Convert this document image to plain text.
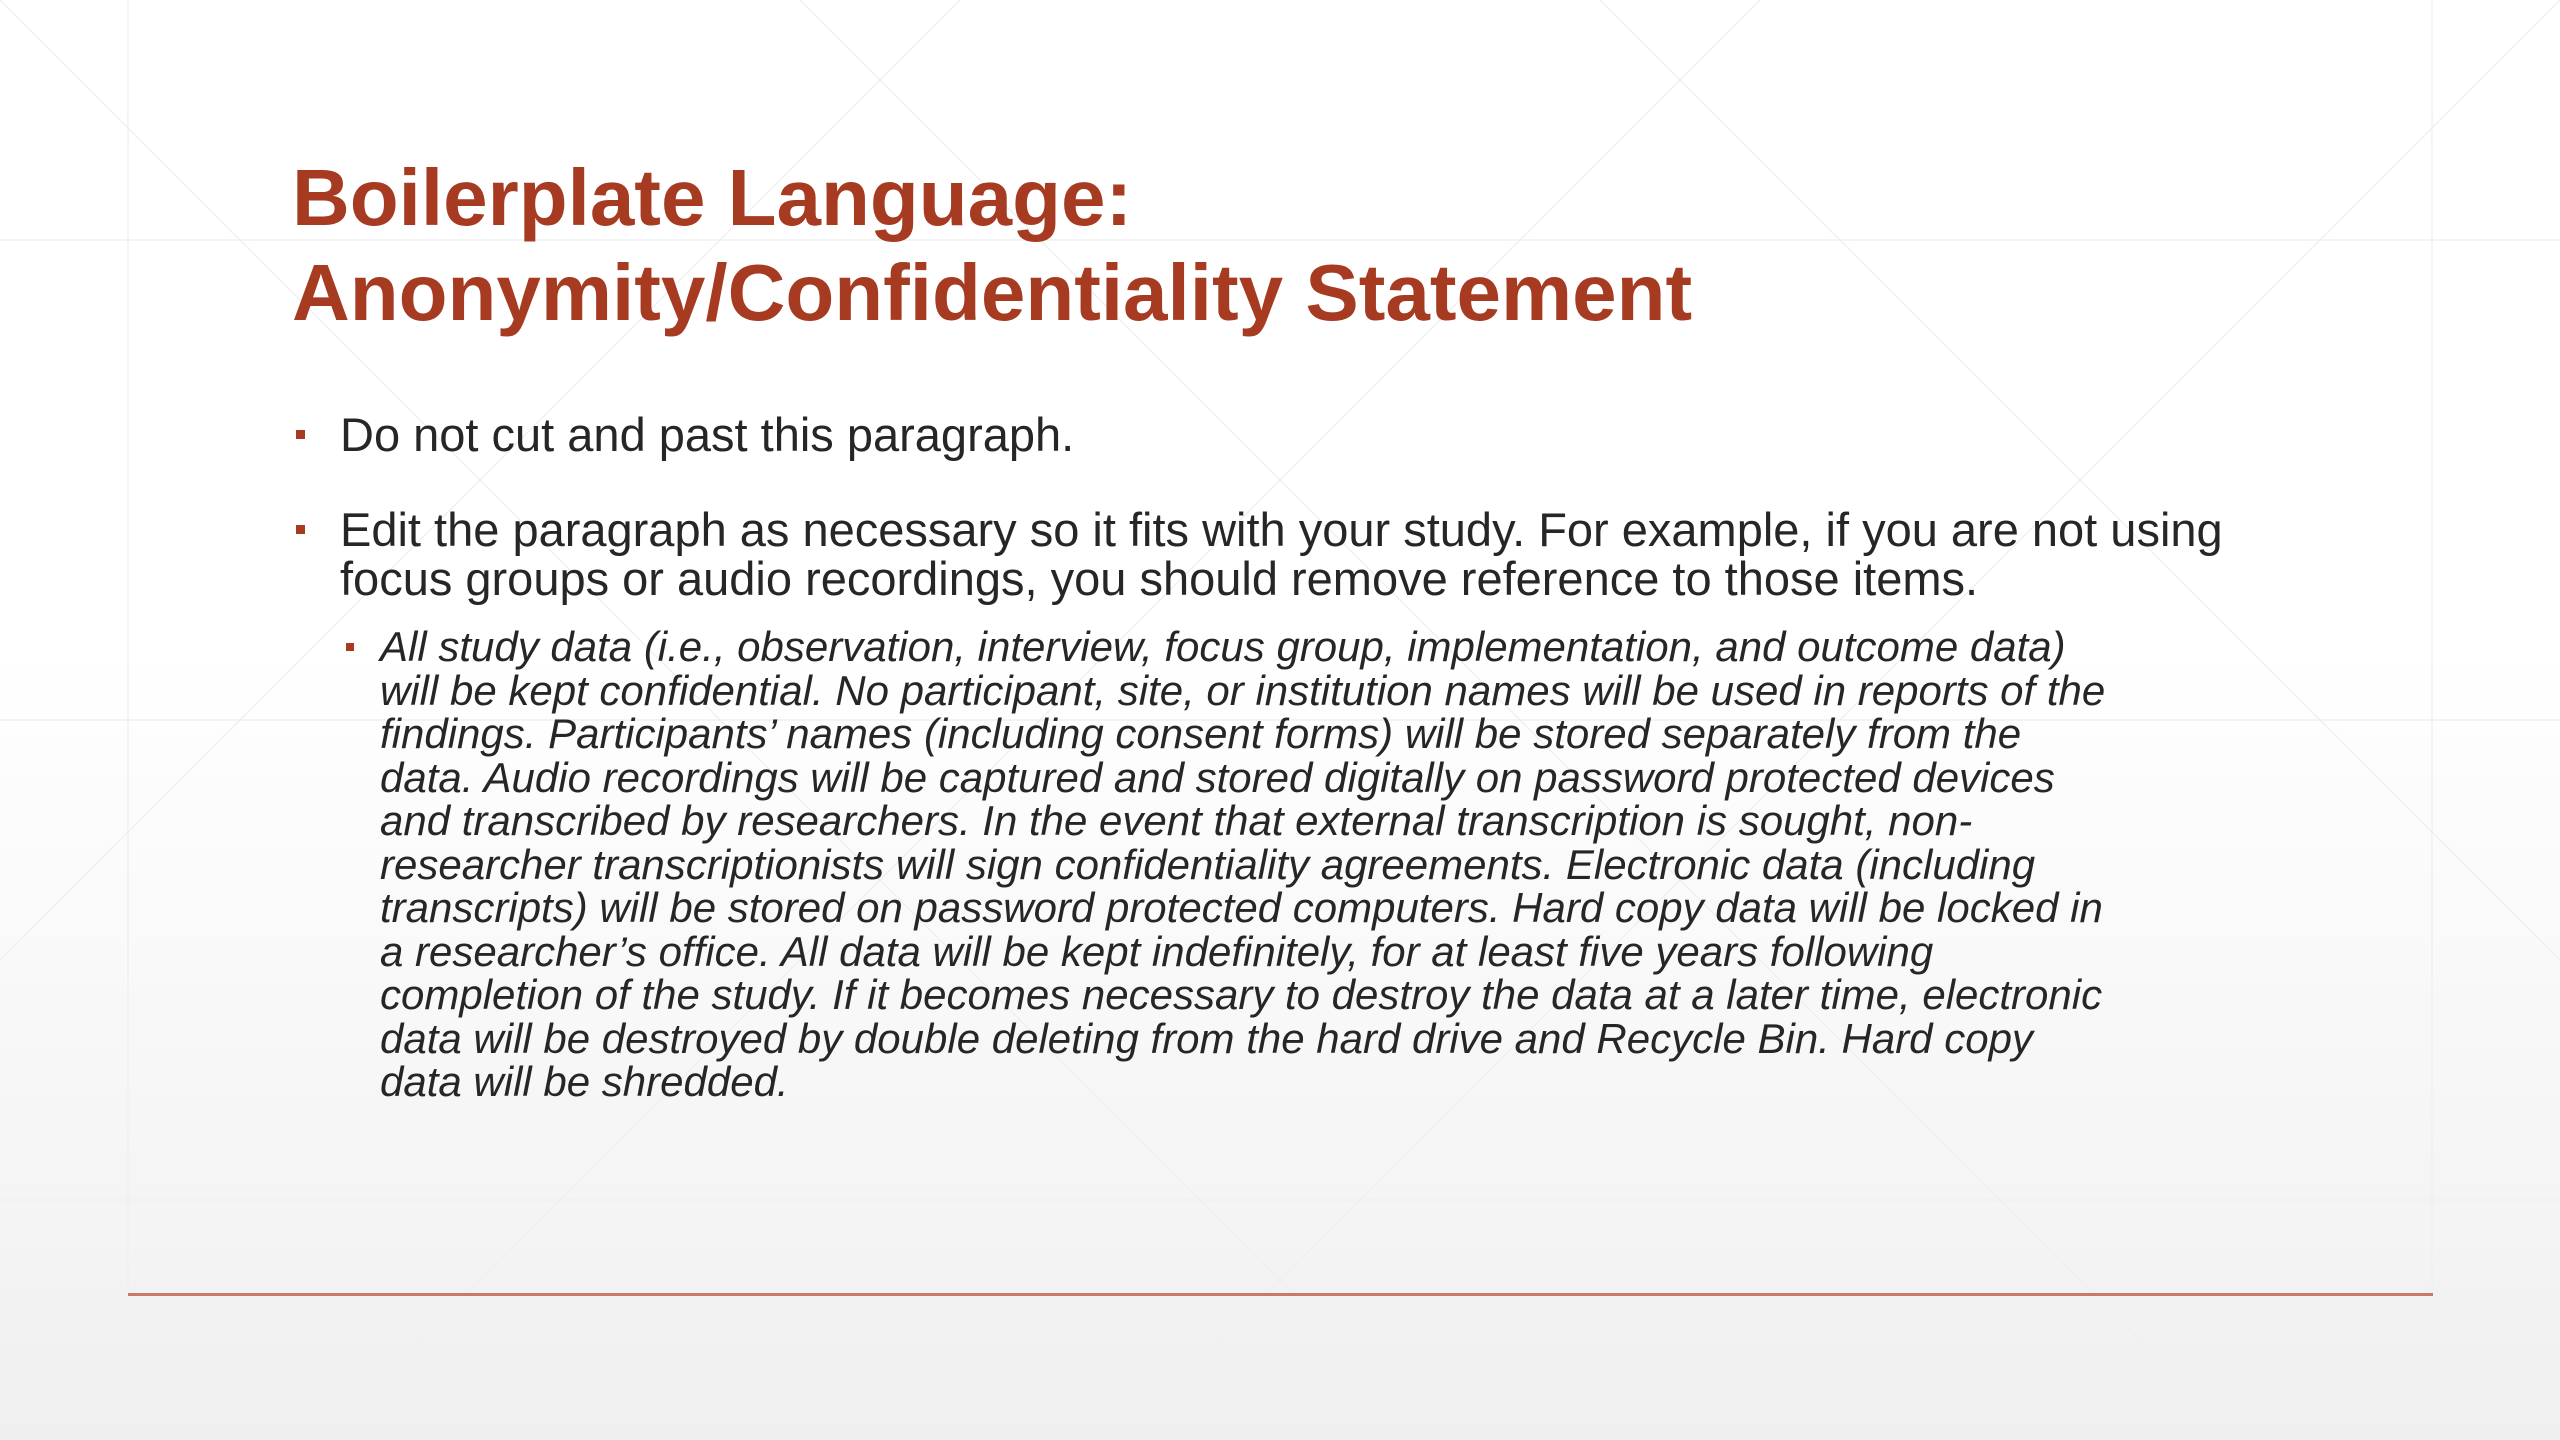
Boilerplate Language:
Anonymity/Confidentiality Statement
Do not cut and past this paragraph.
Edit the paragraph as necessary so it fits with your study. For example, if you are not using focus groups or audio recordings, you should remove reference to those items.
All study data (i.e., observation, interview, focus group, implementation, and outcome data)
will be kept confidential. No participant, site, or institution names will be used in reports of the
findings. Participants’ names (including consent forms) will be stored separately from the
data. Audio recordings will be captured and stored digitally on password protected devices
and transcribed by researchers. In the event that external transcription is sought, non-
researcher transcriptionists will sign confidentiality agreements. Electronic data (including
transcripts) will be stored on password protected computers. Hard copy data will be locked in
a researcher’s office. All data will be kept indefinitely, for at least five years following
completion of the study. If it becomes necessary to destroy the data at a later time, electronic
data will be destroyed by double deleting from the hard drive and Recycle Bin. Hard copy
data will be shredded.
